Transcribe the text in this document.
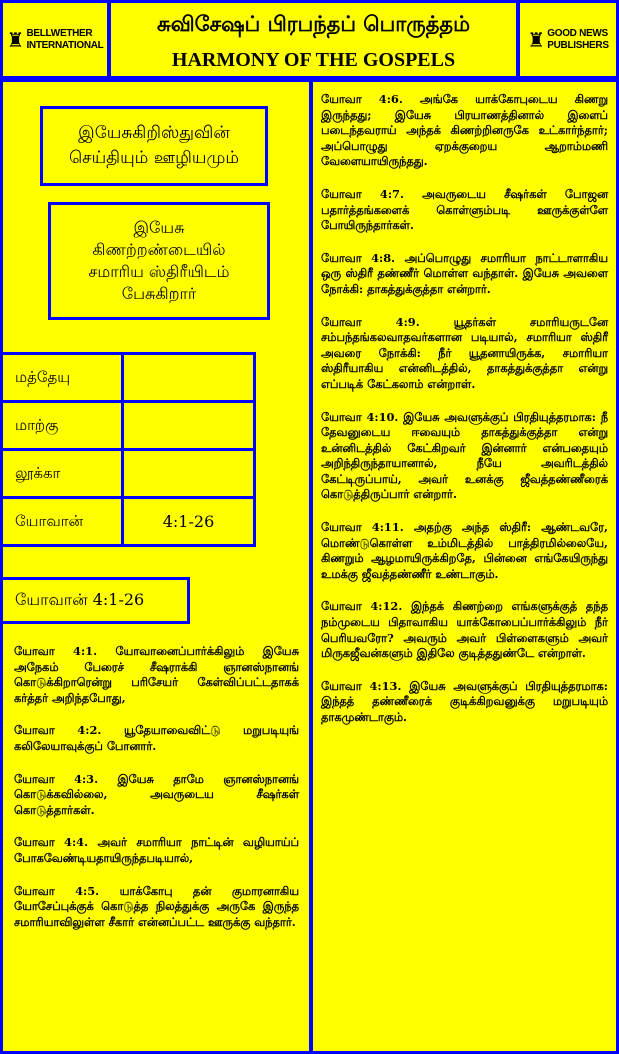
♜ BELLWETHER
INTERNATIONAL
சுவிசேஷப் பிரபந்தப் பொருத்தம்
HARMONY OF THE GOSPELS
♜ GOOD NEWS
PUBLISHERS
இயேசுகிறிஸ்துவின்
செய்தியும் ஊழியமும்
இயேசு
கிணற்றண்டையில்
சமாரிய ஸ்திரீயிடம்
பேசுகிறார்
மத்தேயு
மாற்கு
லூக்கா
யோவான்	4:1-26
யோவான் 4:1-26

யோவா 4:1. யோவானைப்பார்க்கிலும் இயேசு அநேகம் பேரைச் சீஷராக்கி ஞானஸ்நானங் கொடுக்கிறாரென்று பரிசேயர் கேள்விப்பட்டதாகக் கர்த்தர் அறிந்தபோது,

யோவா 4:2. யூதேயாவைவிட்டு மறுபடியுங் கலிலேயாவுக்குப் போனார்.

யோவா 4:3. இயேசு தாமே ஞானஸ்நானங் கொடுக்கவில்லை, அவருடைய சீஷர்கள் கொடுத்தார்கள்.

யோவா 4:4. அவர் சமாரியா நாட்டின் வழியாய்ப் போகவேண்டியதாயிருந்தபடியால்,

யோவா 4:5. யாக்கோபு தன் குமாரனாகிய யோசேப்புக்குக் கொடுத்த நிலத்துக்கு அருகே இருந்த சமாரியாவிலுள்ள சீகார் என்னப்பட்ட ஊருக்கு வந்தார்.

யோவா 4:6. அங்கே யாக்கோபுடைய கிணறு இருந்தது; இயேசு பிரயாணத்தினால் இளைப் படைந்தவராய் அந்தக் கிணற்றினருகே உட்கார்ந்தார்; அப்பொழுது ஏறக்குறைய ஆறாம்மணி வேளையாயிருந்தது.

யோவா 4:7. அவருடைய சீஷர்கள் போஜன பதார்த்தங்களைக் கொள்ளும்படி ஊருக்குள்ளே போயிருந்தார்கள்.

யோவா 4:8. அப்பொழுது சமாரியா நாட்டாளாகிய ஒரு ஸ்திரீ தண்ணீர் மொள்ள வந்தாள். இயேசு அவளை நோக்கி: தாகத்துக்குத்தா என்றார்.

யோவா 4:9. யூதர்கள் சமாரியருடனே சம்பந்தங்கலவாதவர்களான படியால், சமாரியா ஸ்திரீ அவரை நோக்கி: நீர் யூதனாயிருக்க, சமாரியா ஸ்திரீயாகிய என்னிடத்தில், தாகத்துக்குத்தா என்று எப்படிக் கேட்கலாம் என்றாள்.

யோவா 4:10. இயேசு அவளுக்குப் பிரதியுத்தரமாக: நீ தேவனுடைய ஈவையும் தாகத்துக்குத்தா என்று உன்னிடத்தில் கேட்கிறவர் இன்னார் என்பதையும் அறிந்திருந்தாயானால், நீயே அவரிடத்தில் கேட்டிருப்பாய், அவர் உனக்கு ஜீவத்தண்ணீரைக் கொடுத்திருப்பார் என்றார்.

யோவா 4:11. அதற்கு அந்த ஸ்திரீ: ஆண்டவரே, மொண்டுகொள்ள உம்மிடத்தில் பாத்திரமில்லையே, கிணறும் ஆழமாயிருக்கிறதே, பின்னை எங்கேயிருந்து உமக்கு ஜீவத்தண்ணீர் உண்டாகும்.

யோவா 4:12. இந்தக் கிணற்றை எங்களுக்குத் தந்த நம்முடைய பிதாவாகிய யாக்கோபைப்பார்க்கிலும் நீர் பெரியவரோ? அவரும் அவர் பிள்ளைகளும் அவர் மிருகஜீவன்களும் இதிலே குடித்ததுண்டே என்றாள்.

யோவா 4:13. இயேசு அவளுக்குப் பிரதியுத்தரமாக: இந்தத் தண்ணீரைக் குடிக்கிறவனுக்கு மறுபடியும் தாகமுண்டாகும்.
